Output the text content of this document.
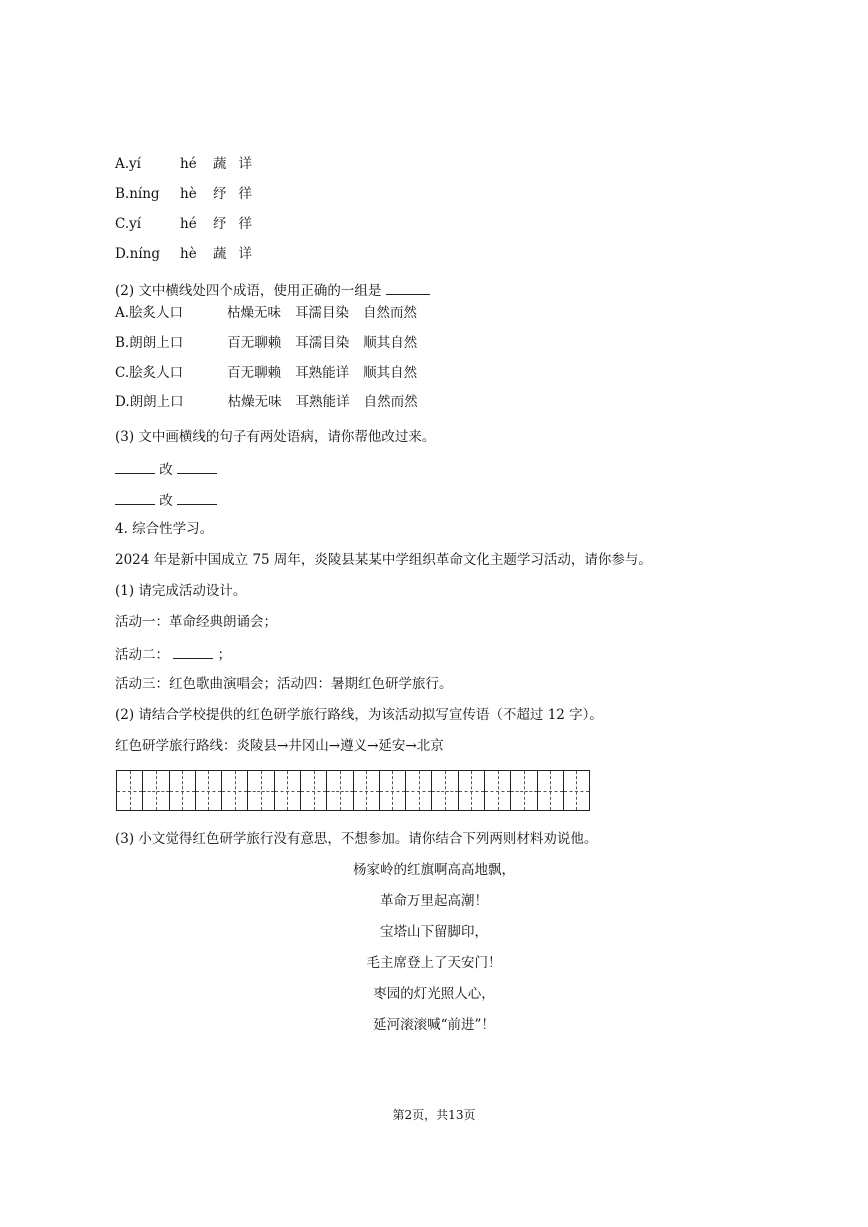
A.yí	hé 蔬 详
B.níng hè 纾 徉
C.yí	hé 纾 徉
D.níng hè 蔬 详
(2) 文中横线处四个成语，使用正确的一组是
A.脍炙人口	枯燥无味 耳濡目染 自然而然
B.朗朗上口	百无聊赖 耳濡目染 顺其自然
C.脍炙人口	百无聊赖 耳熟能详 顺其自然
D.朗朗上口	枯燥无味 耳熟能详 自然而然
(3) 文中画横线的句子有两处语病，请你帮他改过来。
改
改
4. 综合性学习。
2024 年是新中国成立 75 周年，炎陵县某某中学组织革命文化主题学习活动，请你参与。
(1) 请完成活动设计。
活动一：革命经典朗诵会；
活动二：	；
活动三：红色歌曲演唱会；活动四：暑期红色研学旅行。
(2) 请结合学校提供的红色研学旅行路线，为该活动拟写宣传语（不超过 12 字）。
红色研学旅行路线：炎陵县→井冈山→遵义→延安→北京
(3) 小文觉得红色研学旅行没有意思，不想参加。请你结合下列两则材料劝说他。
杨家岭的红旗啊高高地飘，
革命万里起高潮！
宝塔山下留脚印，
毛主席登上了天安门！
枣园的灯光照人心，
延河滚滚喊“前进”！
第2页，共13页
